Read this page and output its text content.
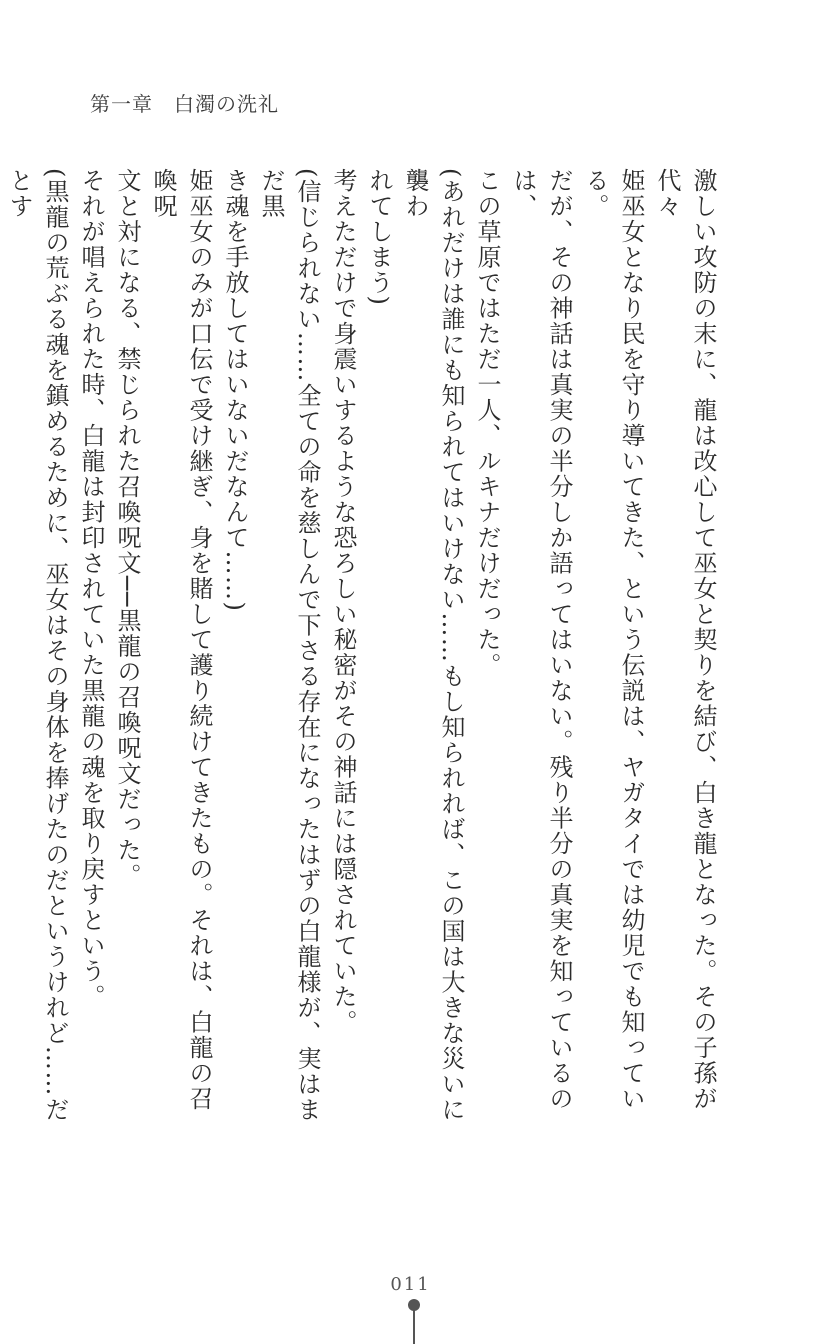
第一章　白濁の洗礼

激しい攻防の末に、龍は改心して巫女と契りを結び、白き龍となった。その子孫が代々

姫巫女となり民を守り導いてきた、という伝説は、ヤガタイでは幼児でも知っている。

だが、その神話は真実の半分しか語ってはいない。残り半分の真実を知っているのは、

この草原ではただ一人、ルキナだけだった。

(あれだけは誰にも知られてはいけない……もし知られれば、この国は大きな災いに襲わ

れてしまう)

考えただけで身震いするような恐ろしい秘密がその神話には隠されていた。

(信じられない……全ての命を慈しんで下さる存在になったはずの白龍様が、実はまだ黒

き魂を手放してはいないだなんて……)

姫巫女のみが口伝で受け継ぎ、身を賭して護り続けてきたもの。それは、白龍の召喚呪

文と対になる、禁じられた召喚呪文──黒龍の召喚呪文だった。

それが唱えられた時、白龍は封印されていた黒龍の魂を取り戻すという。

(黒龍の荒ぶる魂を鎮めるために、巫女はその身体を捧げたのだというけれど……だとす

011
